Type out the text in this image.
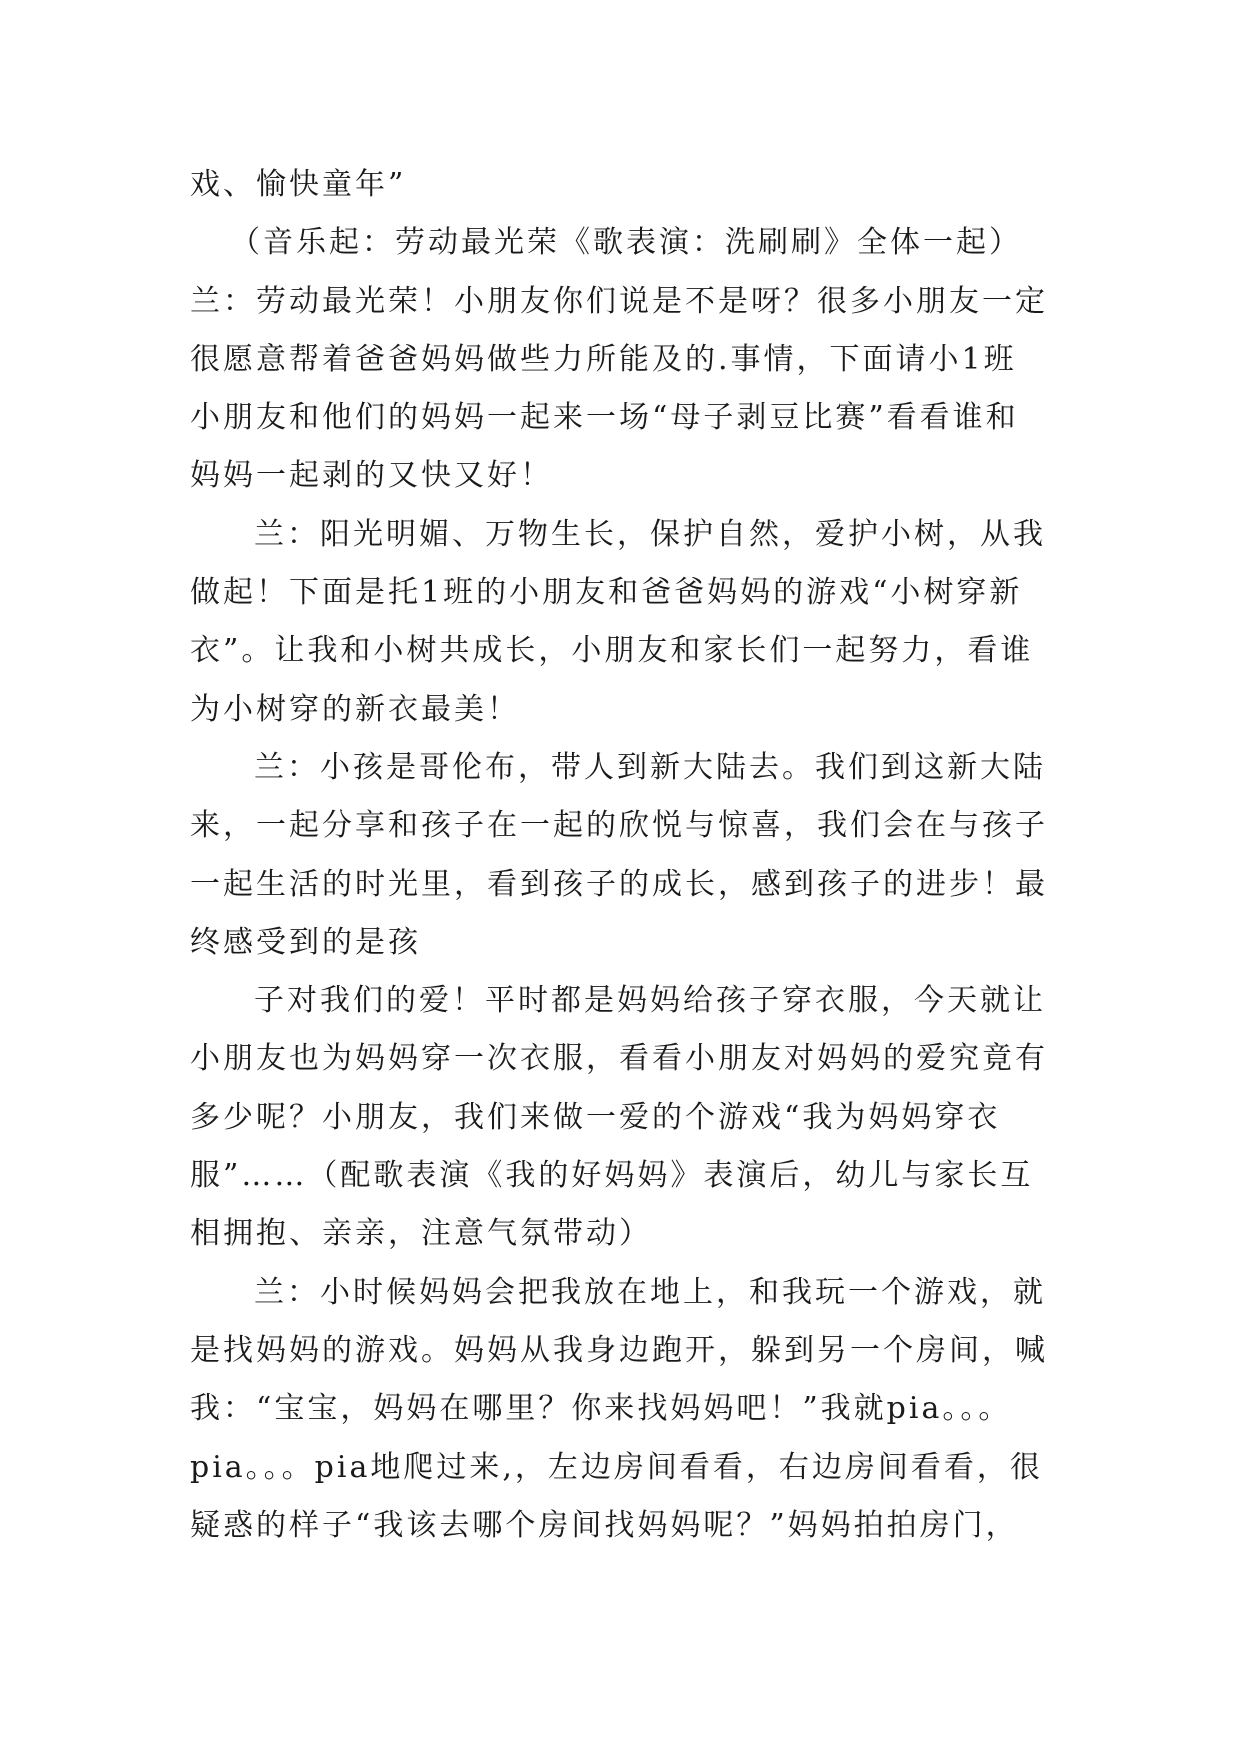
戏、愉快童年”
（音乐起：劳动最光荣《歌表演：洗刷刷》全体一起）
兰：劳动最光荣！小朋友你们说是不是呀？很多小朋友一定
很愿意帮着爸爸妈妈做些力所能及的.事情，下面请小1班
小朋友和他们的妈妈一起来一场“母子剥豆比赛”看看谁和
妈妈一起剥的又快又好！
兰：阳光明媚、万物生长，保护自然，爱护小树，从我
做起！下面是托1班的小朋友和爸爸妈妈的游戏“小树穿新
衣”。让我和小树共成长，小朋友和家长们一起努力，看谁
为小树穿的新衣最美！
兰：小孩是哥伦布，带人到新大陆去。我们到这新大陆
来，一起分享和孩子在一起的欣悦与惊喜，我们会在与孩子
一起生活的时光里，看到孩子的成长，感到孩子的进步！最
终感受到的是孩
子对我们的爱！平时都是妈妈给孩子穿衣服，今天就让
小朋友也为妈妈穿一次衣服，看看小朋友对妈妈的爱究竟有
多少呢？小朋友，我们来做一爱的个游戏“我为妈妈穿衣
服”……（配歌表演《我的好妈妈》表演后，幼儿与家长互
相拥抱、亲亲，注意气氛带动）
兰：小时候妈妈会把我放在地上，和我玩一个游戏，就
是找妈妈的游戏。妈妈从我身边跑开，躲到另一个房间，喊
我：“宝宝，妈妈在哪里？你来找妈妈吧！”我就pia。。。
pia。。。pia地爬过来,，左边房间看看，右边房间看看，很
疑惑的样子“我该去哪个房间找妈妈呢？”妈妈拍拍房门，
